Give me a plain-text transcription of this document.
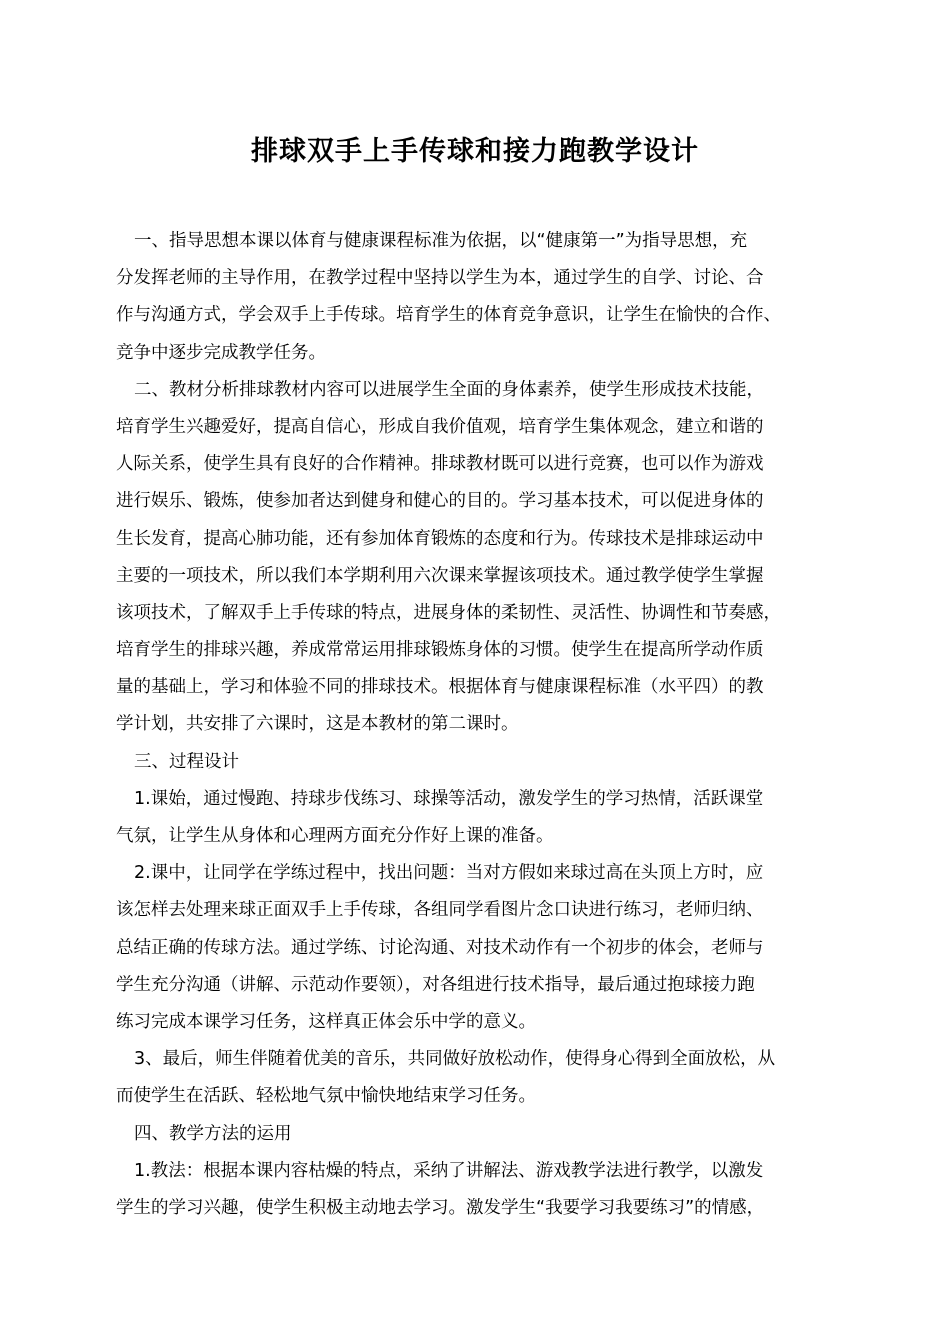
排球双手上手传球和接力跑教学设计
一、指导思想本课以体育与健康课程标准为依据，以“健康第一”为指导思想，充
分发挥老师的主导作用，在教学过程中坚持以学生为本，通过学生的自学、讨论、合
作与沟通方式，学会双手上手传球。培育学生的体育竞争意识，让学生在愉快的合作、
竞争中逐步完成教学任务。
二、教材分析排球教材内容可以进展学生全面的身体素养，使学生形成技术技能，
培育学生兴趣爱好，提高自信心，形成自我价值观，培育学生集体观念，建立和谐的
人际关系，使学生具有良好的合作精神。排球教材既可以进行竞赛，也可以作为游戏
进行娱乐、锻炼，使参加者达到健身和健心的目的。学习基本技术，可以促进身体的
生长发育，提高心肺功能，还有参加体育锻炼的态度和行为。传球技术是排球运动中
主要的一项技术，所以我们本学期利用六次课来掌握该项技术。通过教学使学生掌握
该项技术，了解双手上手传球的特点，进展身体的柔韧性、灵活性、协调性和节奏感，
培育学生的排球兴趣，养成常常运用排球锻炼身体的习惯。使学生在提高所学动作质
量的基础上，学习和体验不同的排球技术。根据体育与健康课程标准（水平四）的教
学计划，共安排了六课时，这是本教材的第二课时。
三、过程设计
1.课始，通过慢跑、持球步伐练习、球操等活动，激发学生的学习热情，活跃课堂
气氛，让学生从身体和心理两方面充分作好上课的准备。
2.课中，让同学在学练过程中，找出问题：当对方假如来球过高在头顶上方时，应
该怎样去处理来球正面双手上手传球，各组同学看图片念口诀进行练习，老师归纳、
总结正确的传球方法。通过学练、讨论沟通、对技术动作有一个初步的体会，老师与
学生充分沟通（讲解、示范动作要领），对各组进行技术指导，最后通过抱球接力跑
练习完成本课学习任务，这样真正体会乐中学的意义。
3、最后，师生伴随着优美的音乐，共同做好放松动作，使得身心得到全面放松，从
而使学生在活跃、轻松地气氛中愉快地结束学习任务。
四、教学方法的运用
1.教法：根据本课内容枯燥的特点，采纳了讲解法、游戏教学法进行教学，以激发
学生的学习兴趣，使学生积极主动地去学习。激发学生“我要学习我要练习”的情感，
